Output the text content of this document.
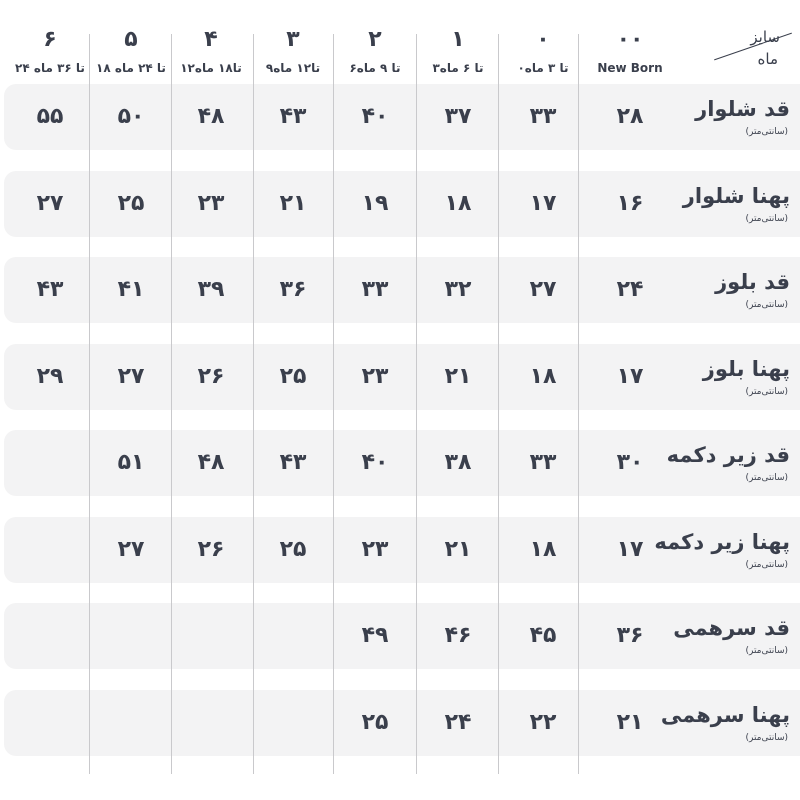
سایز
ماه
۰۰
New Born
۰
۰تا ۳ ماه
۱
۳تا ۶ ماه
۲
۶تا ۹ ماه
۳
۹تا۱۲ ماه
۴
۱۲تا۱۸ ماه
۵
۱۸ تا ۲۴ ماه
۶
۲۴ تا ۳۶ ماه
قد شلوار
(سانتی‌متر)
پهنا شلوار
(سانتی‌متر)
قد بلوز
(سانتی‌متر)
پهنا بلوز
(سانتی‌متر)
قد زیر دکمه
(سانتی‌متر)
پهنا زیر دکمه
(سانتی‌متر)
قد سرهمی
(سانتی‌متر)
پهنا سرهمی
(سانتی‌متر)
۲۸
۳۳
۳۷
۴۰
۴۳
۴۸
۵۰
۵۵
۱۶
۱۷
۱۸
۱۹
۲۱
۲۳
۲۵
۲۷
۲۴
۲۷
۳۲
۳۳
۳۶
۳۹
۴۱
۴۳
۱۷
۱۸
۲۱
۲۳
۲۵
۲۶
۲۷
۲۹
۳۰
۳۳
۳۸
۴۰
۴۳
۴۸
۵۱
۱۷
۱۸
۲۱
۲۳
۲۵
۲۶
۲۷
۳۶
۴۵
۴۶
۴۹
۲۱
۲۲
۲۴
۲۵
